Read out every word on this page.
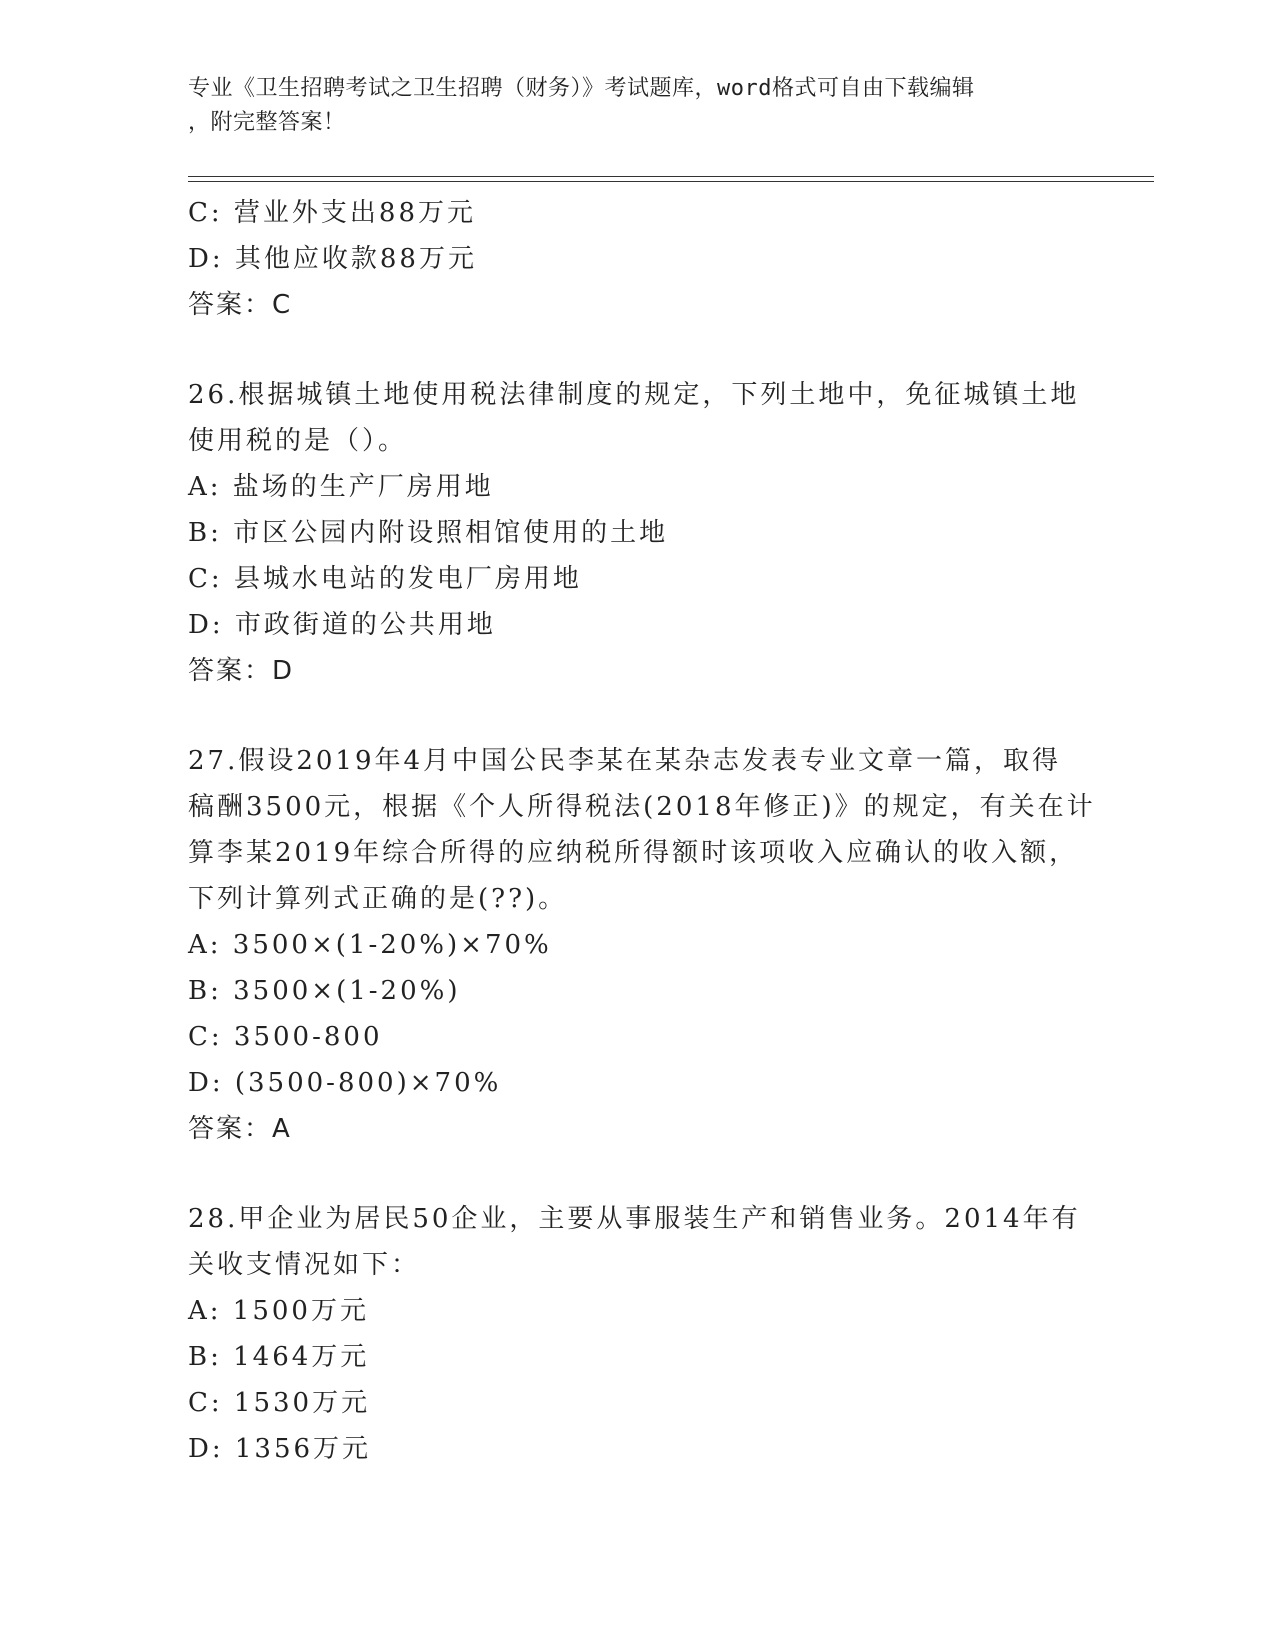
专业《卫生招聘考试之卫生招聘（财务）》考试题库，word格式可自由下载编辑
，附完整答案！
C: 营业外支出88万元
D: 其他应收款88万元
答案：C
26.根据城镇土地使用税法律制度的规定，下列土地中，免征城镇土地
使用税的是（）。
A: 盐场的生产厂房用地
B: 市区公园内附设照相馆使用的土地
C: 县城水电站的发电厂房用地
D: 市政街道的公共用地
答案：D
27.假设2019年4月中国公民李某在某杂志发表专业文章一篇，取得
稿酬3500元，根据《个人所得税法(2018年修正)》的规定，有关在计
算李某2019年综合所得的应纳税所得额时该项收入应确认的收入额，
下列计算列式正确的是(??)。
A: 3500×(1-20%)×70%
B: 3500×(1-20%)
C: 3500-800
D: (3500-800)×70%
答案：A
28.甲企业为居民50企业，主要从事服装生产和销售业务。2014年有
关收支情况如下：
A: 1500万元
B: 1464万元
C: 1530万元
D: 1356万元
